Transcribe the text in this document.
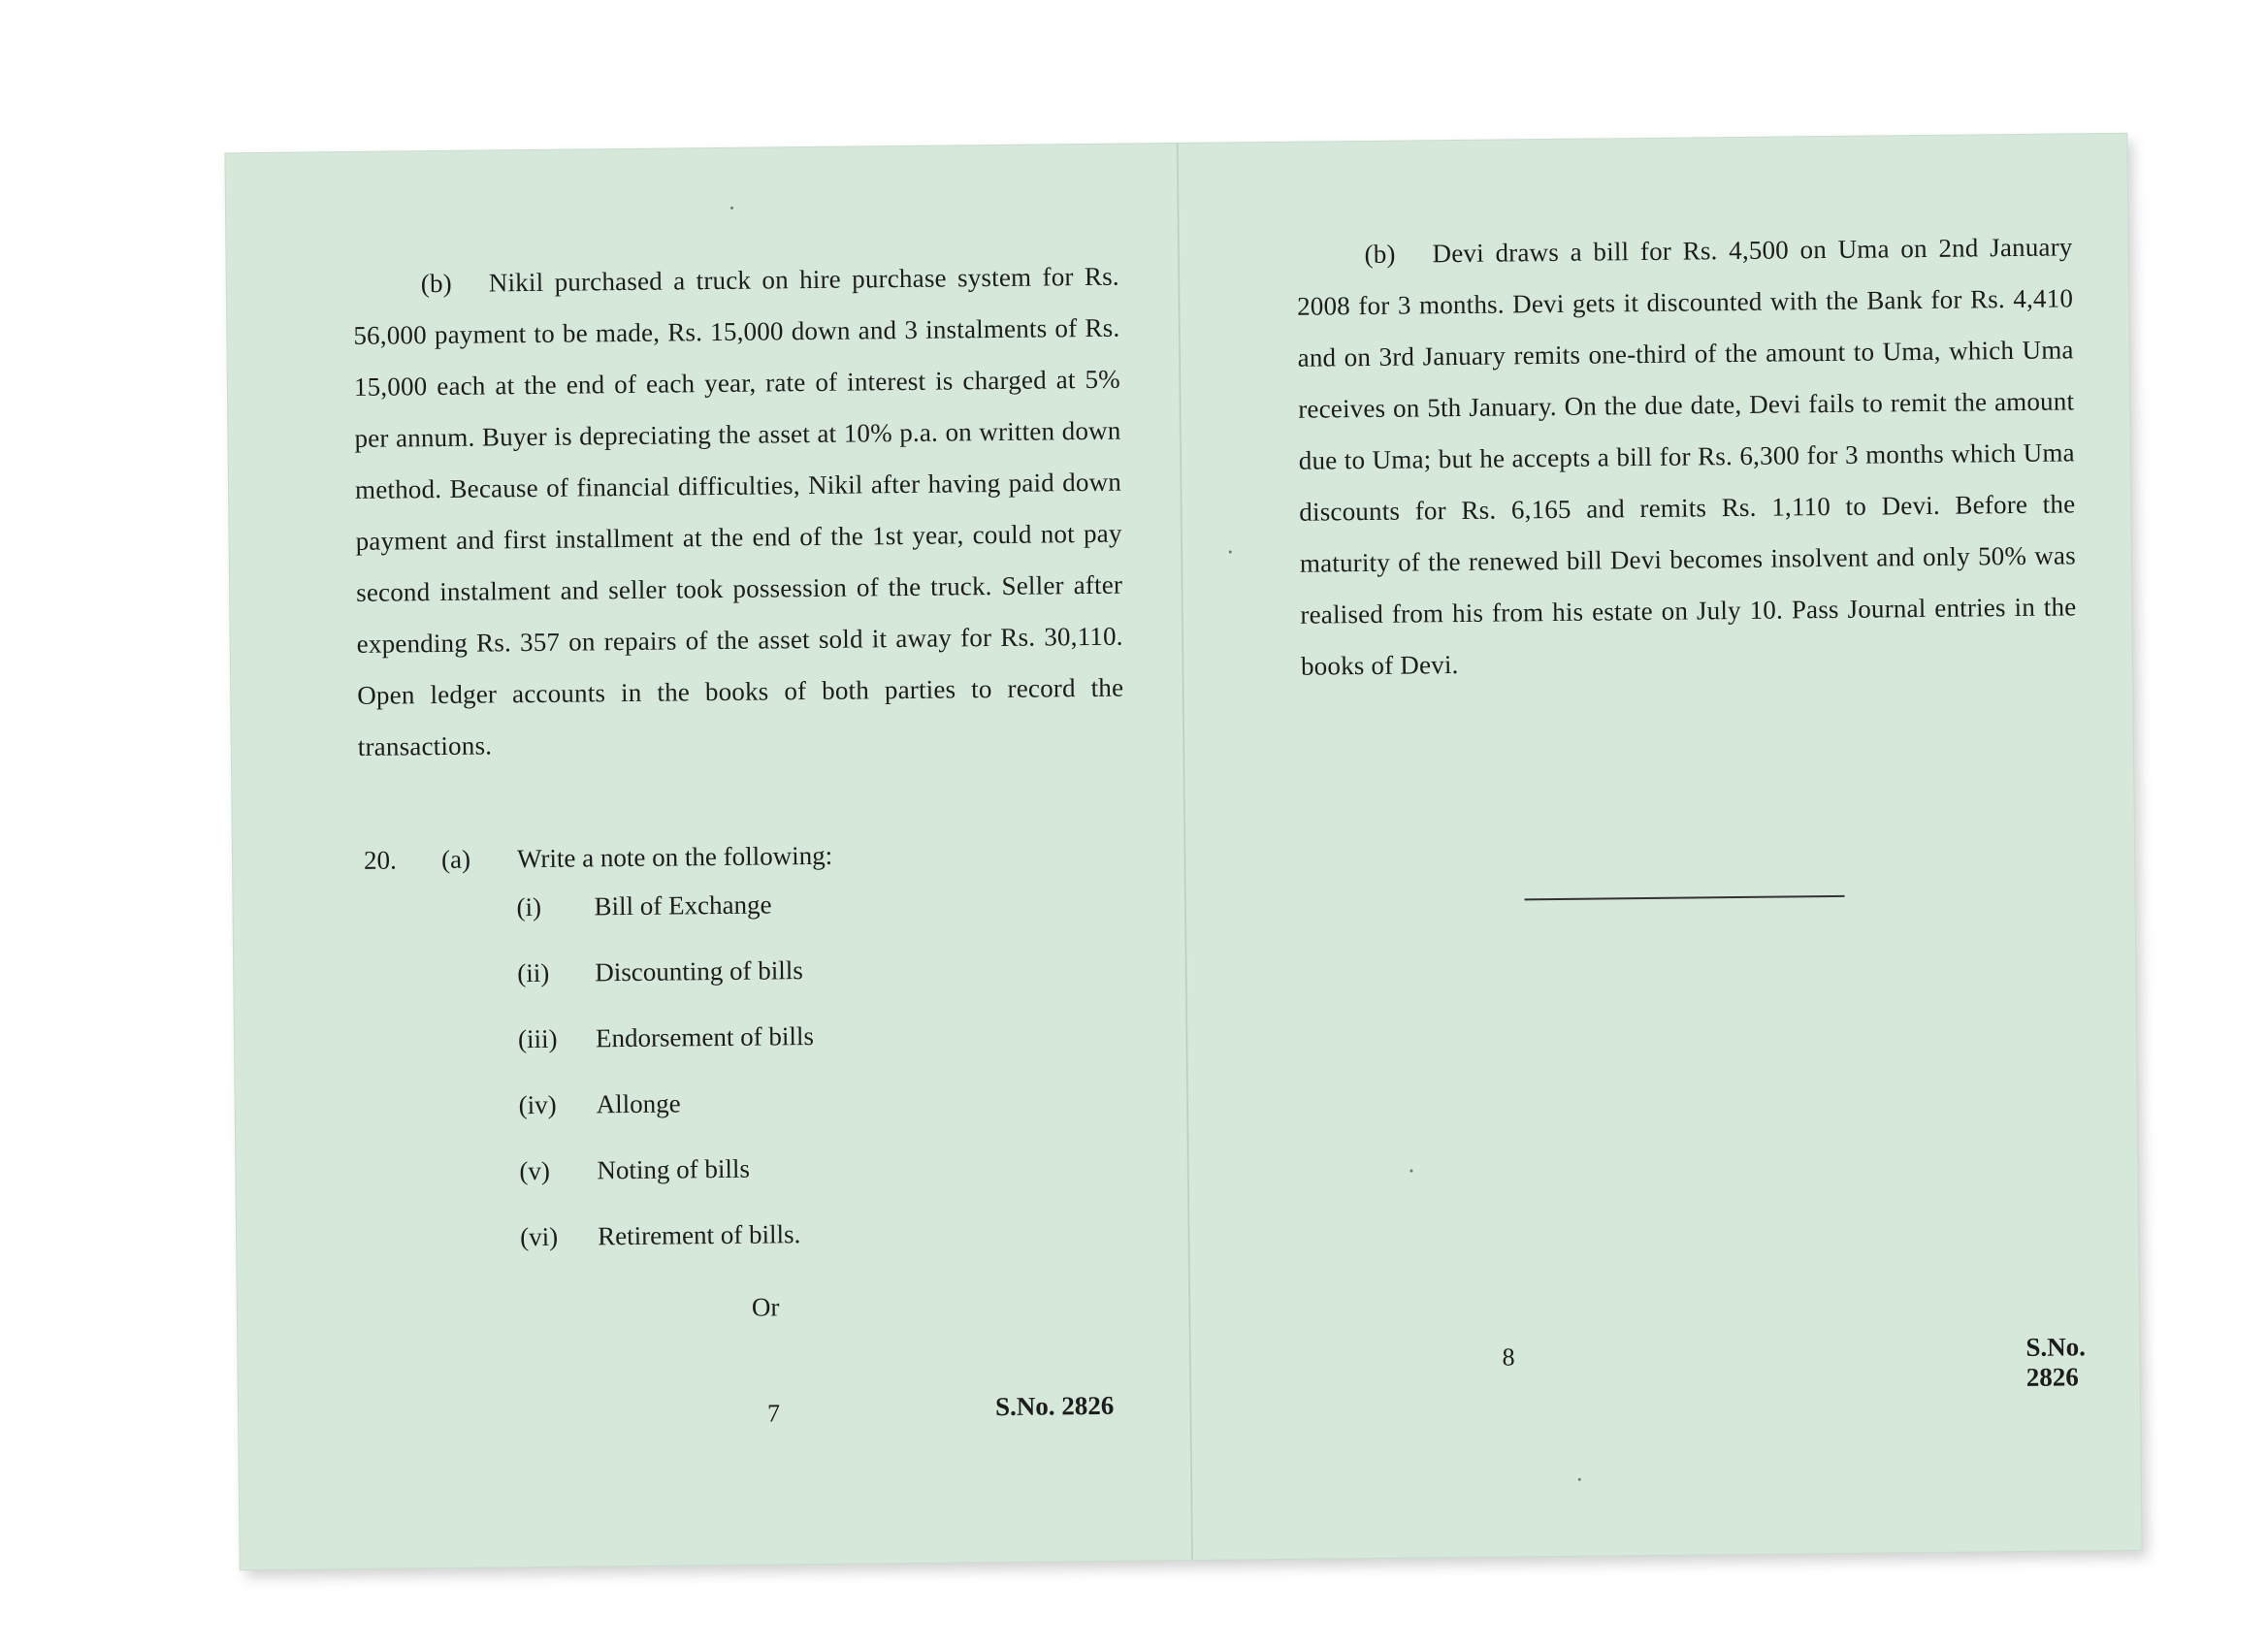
(b) Nikil purchased a truck on hire purchase system for Rs. 56,000 payment to be made, Rs. 15,000 down and 3 instalments of Rs. 15,000 each at the end of each year, rate of interest is charged at 5% per annum. Buyer is depreciating the asset at 10% p.a. on written down method. Because of financial difficulties, Nikil after having paid down payment and first installment at the end of the 1st year, could not pay second instalment and seller took possession of the truck. Seller after expending Rs. 357 on repairs of the asset sold it away for Rs. 30,110. Open ledger accounts in the books of both parties to record the transactions.
20. (a) Write a note on the following:
(i)	Bill of Exchange
(ii)	Discounting of bills
(iii)	Endorsement of bills
(iv)	Allonge
(v)	Noting of bills
(vi)	Retirement of bills.
Or
7	S.No. 2826
(b) Devi draws a bill for Rs. 4,500 on Uma on 2nd January 2008 for 3 months. Devi gets it discounted with the Bank for Rs. 4,410 and on 3rd January remits one-third of the amount to Uma, which Uma receives on 5th January. On the due date, Devi fails to remit the amount due to Uma; but he accepts a bill for Rs. 6,300 for 3 months which Uma discounts for Rs. 6,165 and remits Rs. 1,110 to Devi. Before the maturity of the renewed bill Devi becomes insolvent and only 50% was realised from his from his estate on July 10. Pass Journal entries in the books of Devi.
8	S.No. 2826
